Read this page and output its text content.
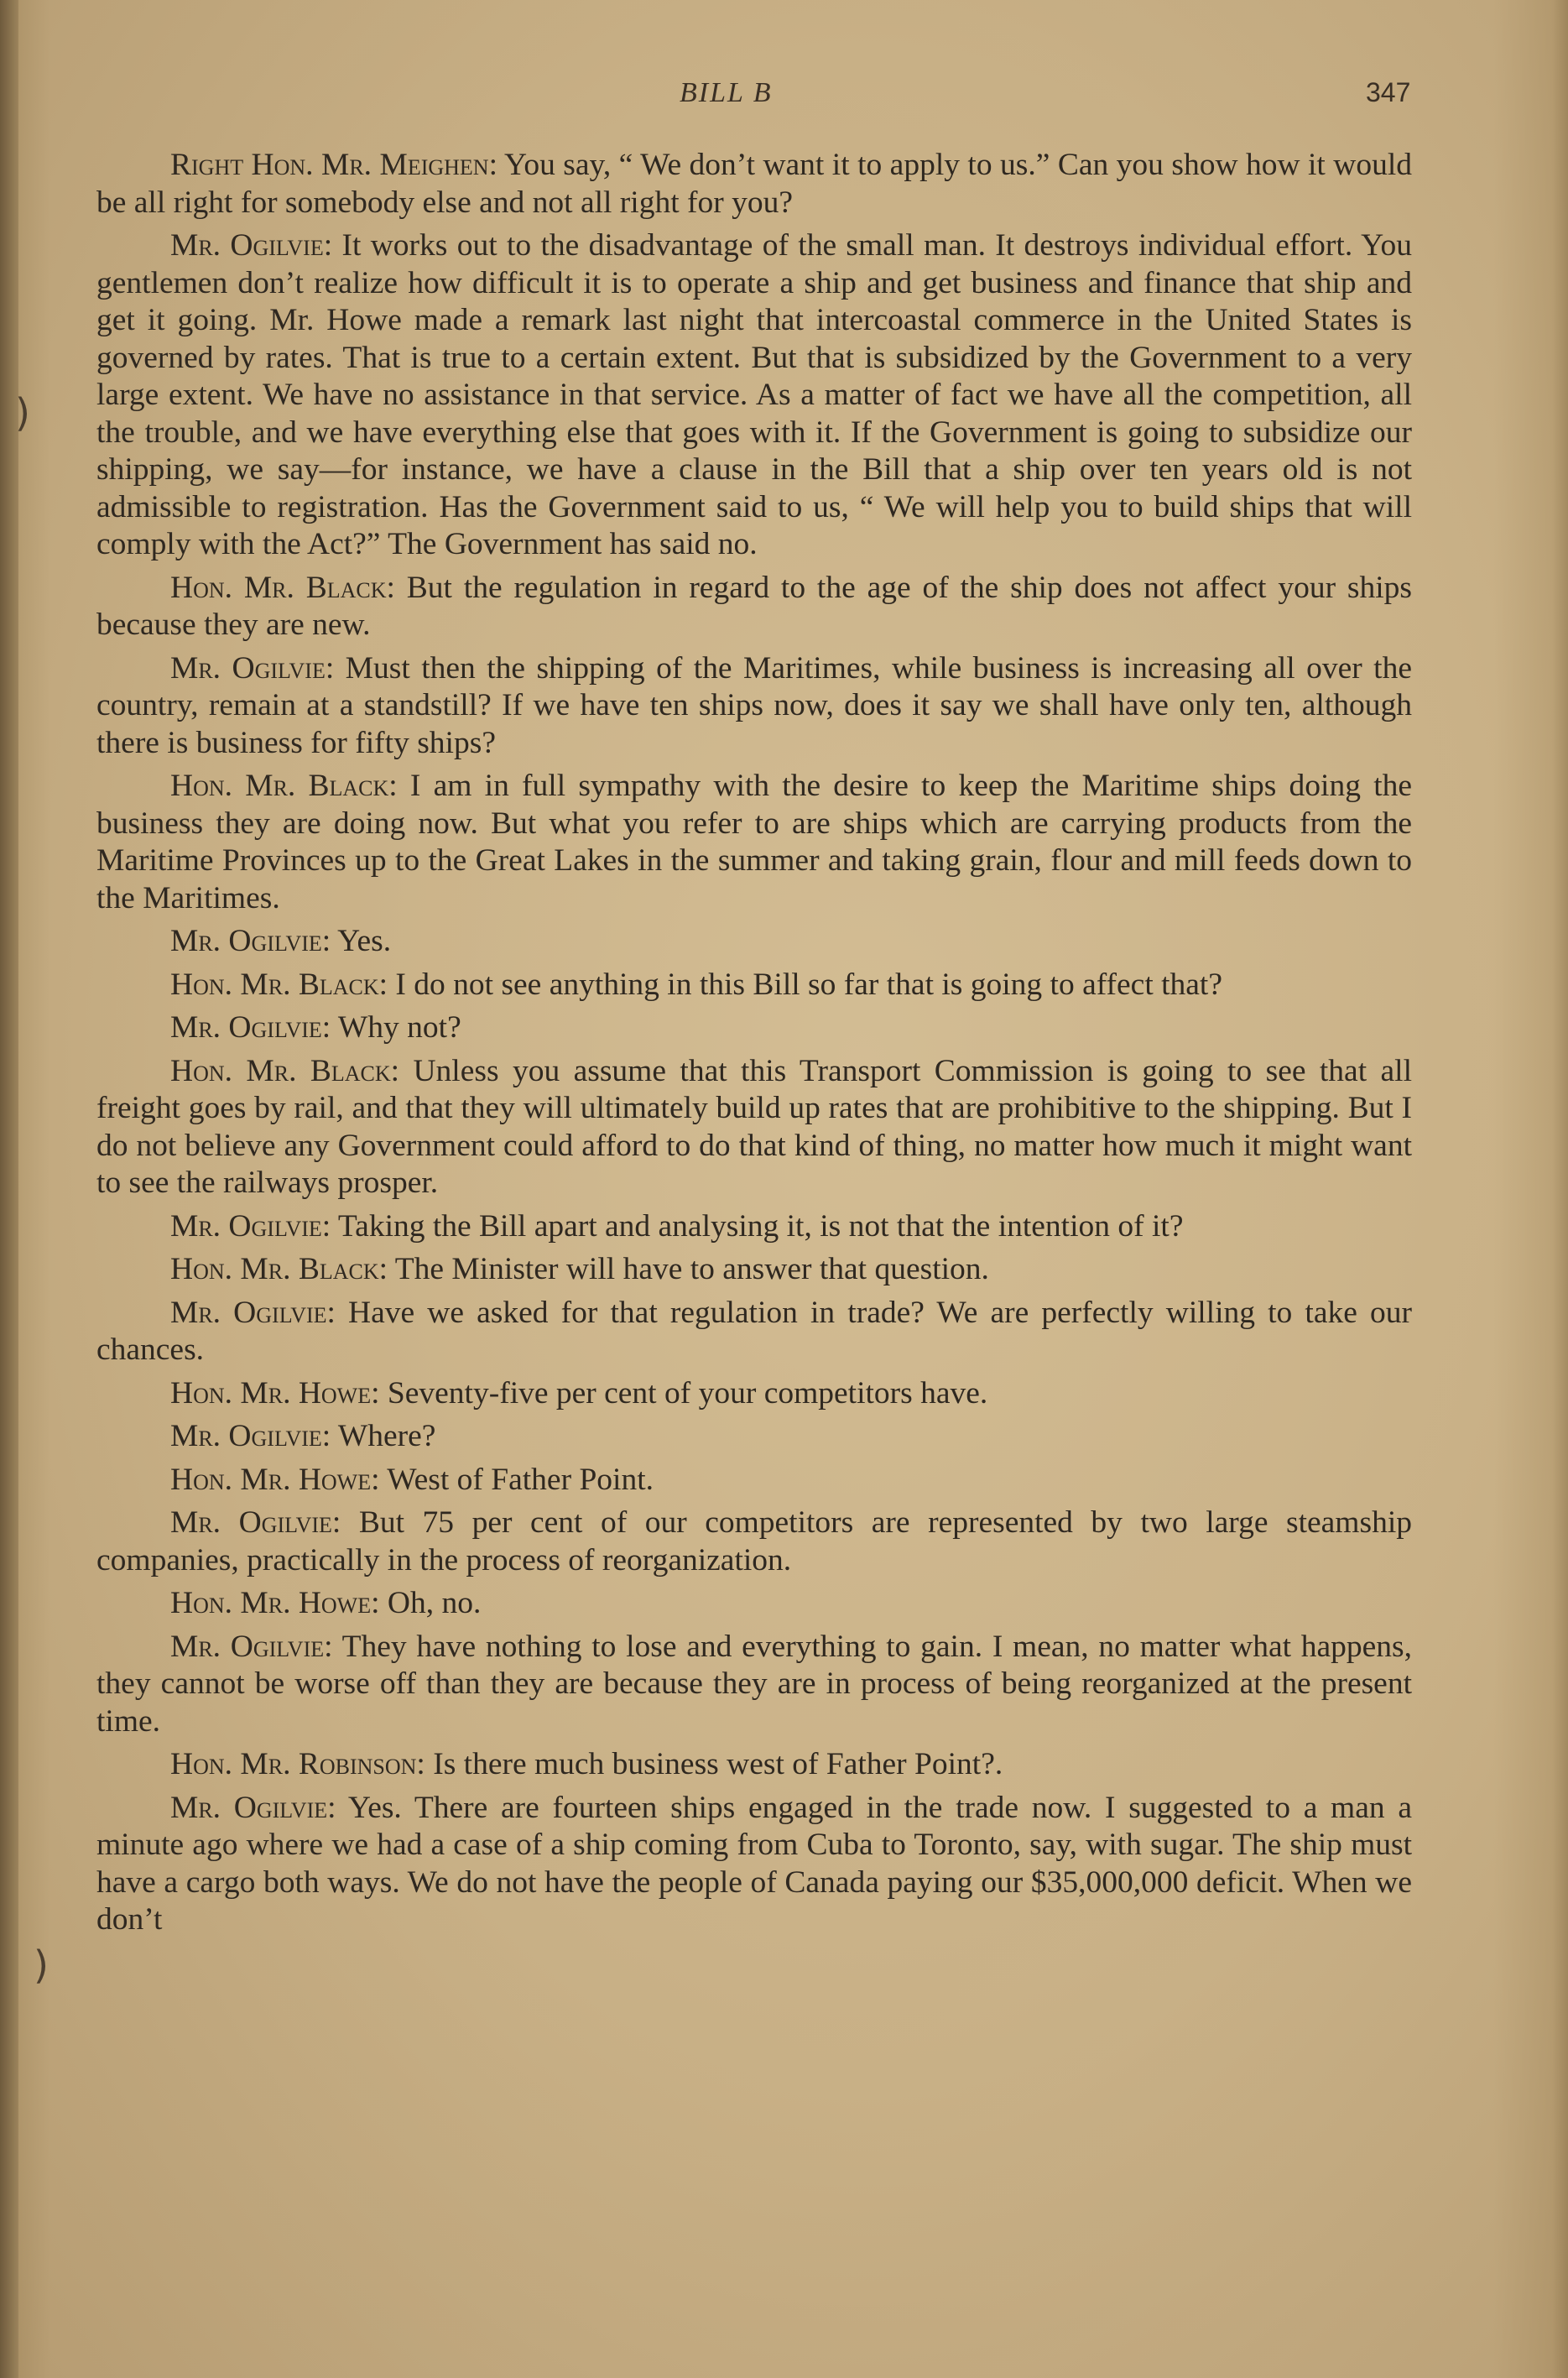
)
)
BILL B	347

Right Hon. Mr. Meighen: You say, “ We don’t want it to apply to us.” Can you show how it would be all right for somebody else and not all right for you?

Mr. Ogilvie: It works out to the disadvantage of the small man. It destroys individual effort. You gentlemen don’t realize how difficult it is to operate a ship and get business and finance that ship and get it going. Mr. Howe made a remark last night that intercoastal commerce in the United States is governed by rates. That is true to a certain extent. But that is subsidized by the Government to a very large extent. We have no assistance in that service. As a matter of fact we have all the competition, all the trouble, and we have everything else that goes with it. If the Government is going to subsidize our shipping, we say—for instance, we have a clause in the Bill that a ship over ten years old is not admissible to registration. Has the Government said to us, “ We will help you to build ships that will comply with the Act?” The Government has said no.

Hon. Mr. Black: But the regulation in regard to the age of the ship does not affect your ships because they are new.

Mr. Ogilvie: Must then the shipping of the Maritimes, while business is increasing all over the country, remain at a standstill? If we have ten ships now, does it say we shall have only ten, although there is business for fifty ships?

Hon. Mr. Black: I am in full sympathy with the desire to keep the Maritime ships doing the business they are doing now. But what you refer to are ships which are carrying products from the Maritime Provinces up to the Great Lakes in the summer and taking grain, flour and mill feeds down to the Maritimes.

Mr. Ogilvie: Yes.

Hon. Mr. Black: I do not see anything in this Bill so far that is going to affect that?

Mr. Ogilvie: Why not?

Hon. Mr. Black: Unless you assume that this Transport Commission is going to see that all freight goes by rail, and that they will ultimately build up rates that are prohibitive to the shipping. But I do not believe any Government could afford to do that kind of thing, no matter how much it might want to see the railways prosper.

Mr. Ogilvie: Taking the Bill apart and analysing it, is not that the intention of it?

Hon. Mr. Black: The Minister will have to answer that question.

Mr. Ogilvie: Have we asked for that regulation in trade? We are perfectly willing to take our chances.

Hon. Mr. Howe: Seventy-five per cent of your competitors have.

Mr. Ogilvie: Where?

Hon. Mr. Howe: West of Father Point.

Mr. Ogilvie: But 75 per cent of our competitors are represented by two large steamship companies, practically in the process of reorganization.

Hon. Mr. Howe: Oh, no.

Mr. Ogilvie: They have nothing to lose and everything to gain. I mean, no matter what happens, they cannot be worse off than they are because they are in process of being reorganized at the present time.

Hon. Mr. Robinson: Is there much business west of Father Point?.

Mr. Ogilvie: Yes. There are fourteen ships engaged in the trade now. I suggested to a man a minute ago where we had a case of a ship coming from Cuba to Toronto, say, with sugar. The ship must have a cargo both ways. We do not have the people of Canada paying our $35,000,000 deficit. When we don’t
